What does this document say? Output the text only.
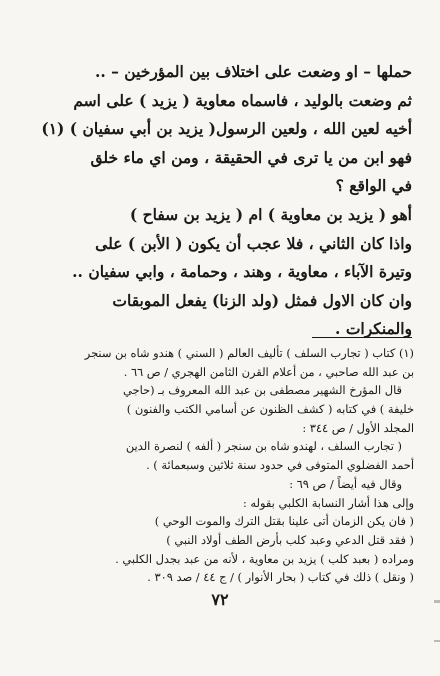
حملها – او وضعت على اختلاف بين المؤرخين – ..
ثم وضعت بالوليد ، فاسماه معاوية ( يزيد ) على اسم
أخيه لعين الله ، ولعين الرسول( يزيد بن أبي سفيان ) (١)
فهو ابن من يا ترى في الحقيقة ، ومن اي ماء خلق
في الواقع ؟
أهو ( يزيد بن معاوية ) ام ( يزيد بن سفاح )
واذا كان الثاني ، فلا عجب أن يكون ( الأبن ) على
وتيرة الآباء ، معاوية ، وهند ، وحمامة ، وابي سفيان ..
وان كان الاول فمثل (ولد الزنا) يفعل الموبقات
والمنكرات .
(١) كتاب ( تجارب السلف ) تأليف العالم ( السني ) هندو شاه بن سنجر
بن عبد الله صاحبي ، من أعلام القرن الثامن الهجري / ص ٦٦ .
قال المؤرخ الشهير مصطفى بن عبد الله المعروف بـ (حاجي
خليفة ) في كتابه ( كشف الظنون عن أسامي الكتب والفنون )
المجلد الأول / ص ٣٤٤ :
( تجارب السلف ، لهندو شاه بن سنجر ( ألفه ) لنصرة الدين
أحمد الفضلوي المتوفى في حدود سنة ثلاثين وسبعمائة ) .
وقال فيه أيضاً / ص ٦٩ :
وإلى هذا أشار النسابة الكلبي بقوله :
( فان يكن الزمان أتى علينا بقتل الترك والموت الوحي )
( فقد قتل الدعي وعبد كلب بأرض الطف أولاد النبي )
ومراده ( بعبد كلب ) يزيد بن معاوية ، لأنه من عبد بجدل الكلبي .
( ونقل ) ذلك في كتاب ( بحار الأنوار ) / ج ٤٤ / صد ٣٠٩ .
٧٢
